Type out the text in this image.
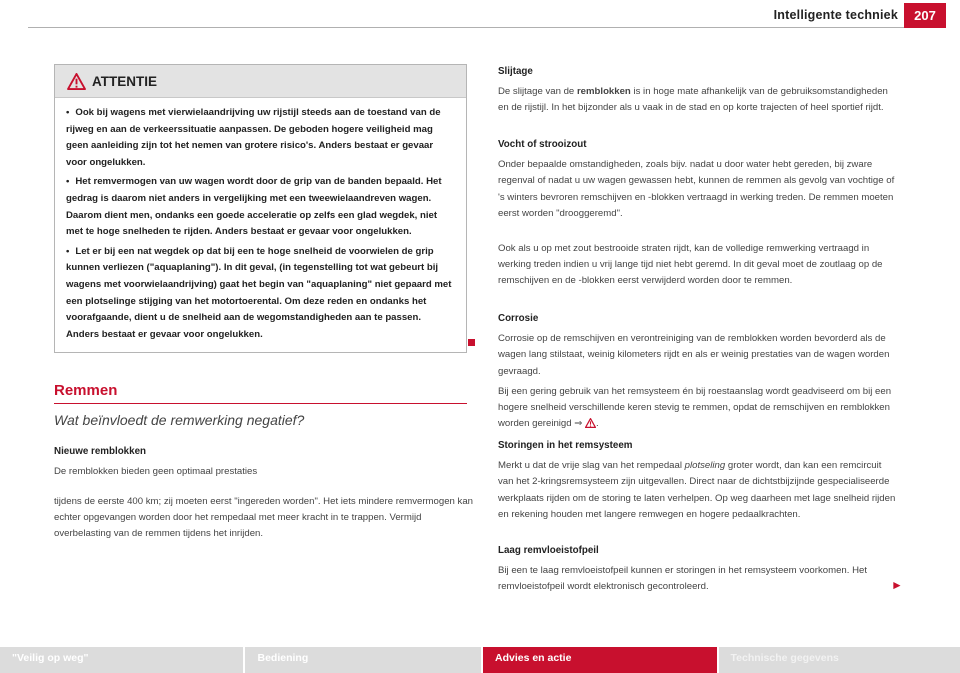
Intelligente techniek	207
ATTENTIE

• Ook bij wagens met vierwielaandrijving uw rijstijl steeds aan de toestand van de rijweg en aan de verkeerssituatie aanpassen. De geboden hogere veiligheid mag geen aanleiding zijn tot het nemen van grotere risico's. Anders bestaat er gevaar voor ongelukken.

• Het remvermogen van uw wagen wordt door de grip van de banden bepaald. Het gedrag is daarom niet anders in vergelijking met een tweewielaandreven wagen. Daarom dient men, ondanks een goede acceleratie op zelfs een glad wegdek, niet met te hoge snelheden te rijden. Anders bestaat er gevaar voor ongelukken.

• Let er bij een nat wegdek op dat bij een te hoge snelheid de voorwielen de grip kunnen verliezen ("aquaplaning"). In dit geval, (in tegenstelling tot wat gebeurt bij wagens met voorwielaandrijving) gaat het begin van "aquaplaning" niet gepaard met een plotselinge stijging van het motortoerental. Om deze reden en ondanks het voorafgaande, dient u de snelheid aan de wegomstandigheden aan te passen. Anders bestaat er gevaar voor ongelukken.

Remmen
Wat beïnvloedt de remwerking negatief?
Nieuwe remblokken

De remblokken bieden geen optimaal prestaties

tijdens de eerste 400 km; zij moeten eerst "ingereden worden". Het iets mindere remvermogen kan echter opgevangen worden door het rempedaal met meer kracht in te trappen. Vermijd overbelasting van de remmen tijdens het inrijden.

Slijtage

De slijtage van de remblokken is in hoge mate afhankelijk van de gebruiksomstandigheden en de rijstijl. In het bijzonder als u vaak in de stad en op korte trajecten of heel sportief rijdt.

Vocht of strooizout

Onder bepaalde omstandigheden, zoals bijv. nadat u door water hebt gereden, bij zware regenval of nadat u uw wagen gewassen hebt, kunnen de remmen als gevolg van vochtige of 's winters bevroren remschijven en -blokken vertraagd in werking treden. De remmen moeten eerst worden "drooggeremd".

Ook als u op met zout bestrooide straten rijdt, kan de volledige remwerking vertraagd in werking treden indien u vrij lange tijd niet hebt geremd. In dit geval moet de zoutlaag op de remschijven en de -blokken eerst verwijderd worden door te remmen.

Corrosie

Corrosie op de remschijven en verontreiniging van de remblokken worden bevorderd als de wagen lang stilstaat, weinig kilometers rijdt en als er weinig prestaties van de wagen worden gevraagd.

Bij een gering gebruik van het remsysteem én bij roestaanslag wordt geadviseerd om bij een hogere snelheid verschillende keren stevig te remmen, opdat de remschijven en remblokken worden gereinigd ⇒ .

Storingen in het remsysteem

Merkt u dat de vrije slag van het rempedaal plotseling groter wordt, dan kan een remcircuit van het 2-kringsremsysteem zijn uitgevallen. Direct naar de dichtstbijzijnde gespecialiseerde werkplaats rijden om de storing te laten verhelpen. Op weg daarheen met lage snelheid rijden en rekening houden met langere remwegen en hogere pedaalkrachten.

Laag remvloeistofpeil

Bij een te laag remvloeistofpeil kunnen er storingen in het remsysteem voorkomen. Het remvloeistofpeil wordt elektronisch gecontroleerd.	►
"Veilig op weg"	Bediening	Advies en actie	Technische gegevens
